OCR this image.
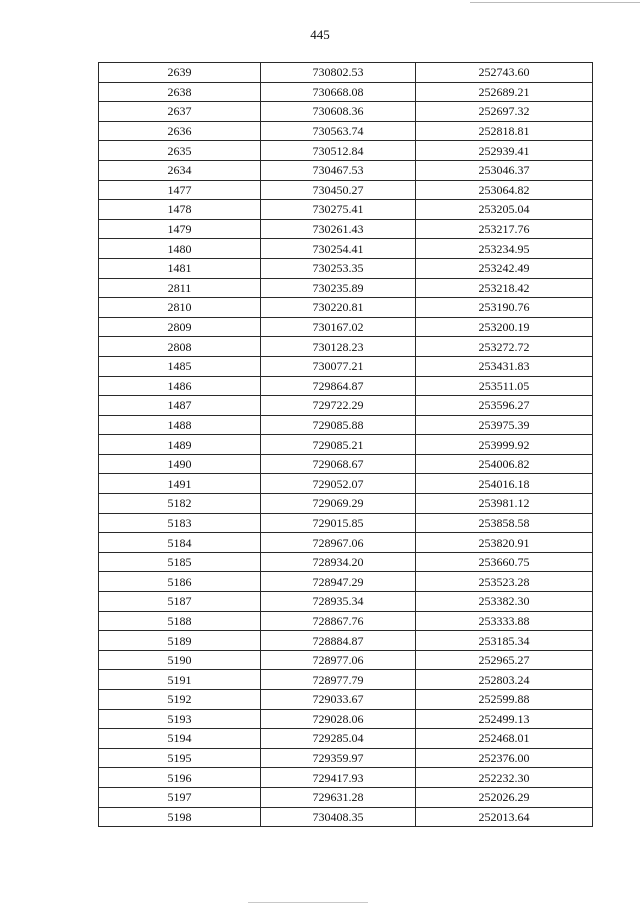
445
2639	730802.53	252743.60
2638	730668.08	252689.21
2637	730608.36	252697.32
2636	730563.74	252818.81
2635	730512.84	252939.41
2634	730467.53	253046.37
1477	730450.27	253064.82
1478	730275.41	253205.04
1479	730261.43	253217.76
1480	730254.41	253234.95
1481	730253.35	253242.49
2811	730235.89	253218.42
2810	730220.81	253190.76
2809	730167.02	253200.19
2808	730128.23	253272.72
1485	730077.21	253431.83
1486	729864.87	253511.05
1487	729722.29	253596.27
1488	729085.88	253975.39
1489	729085.21	253999.92
1490	729068.67	254006.82
1491	729052.07	254016.18
5182	729069.29	253981.12
5183	729015.85	253858.58
5184	728967.06	253820.91
5185	728934.20	253660.75
5186	728947.29	253523.28
5187	728935.34	253382.30
5188	728867.76	253333.88
5189	728884.87	253185.34
5190	728977.06	252965.27
5191	728977.79	252803.24
5192	729033.67	252599.88
5193	729028.06	252499.13
5194	729285.04	252468.01
5195	729359.97	252376.00
5196	729417.93	252232.30
5197	729631.28	252026.29
5198	730408.35	252013.64
